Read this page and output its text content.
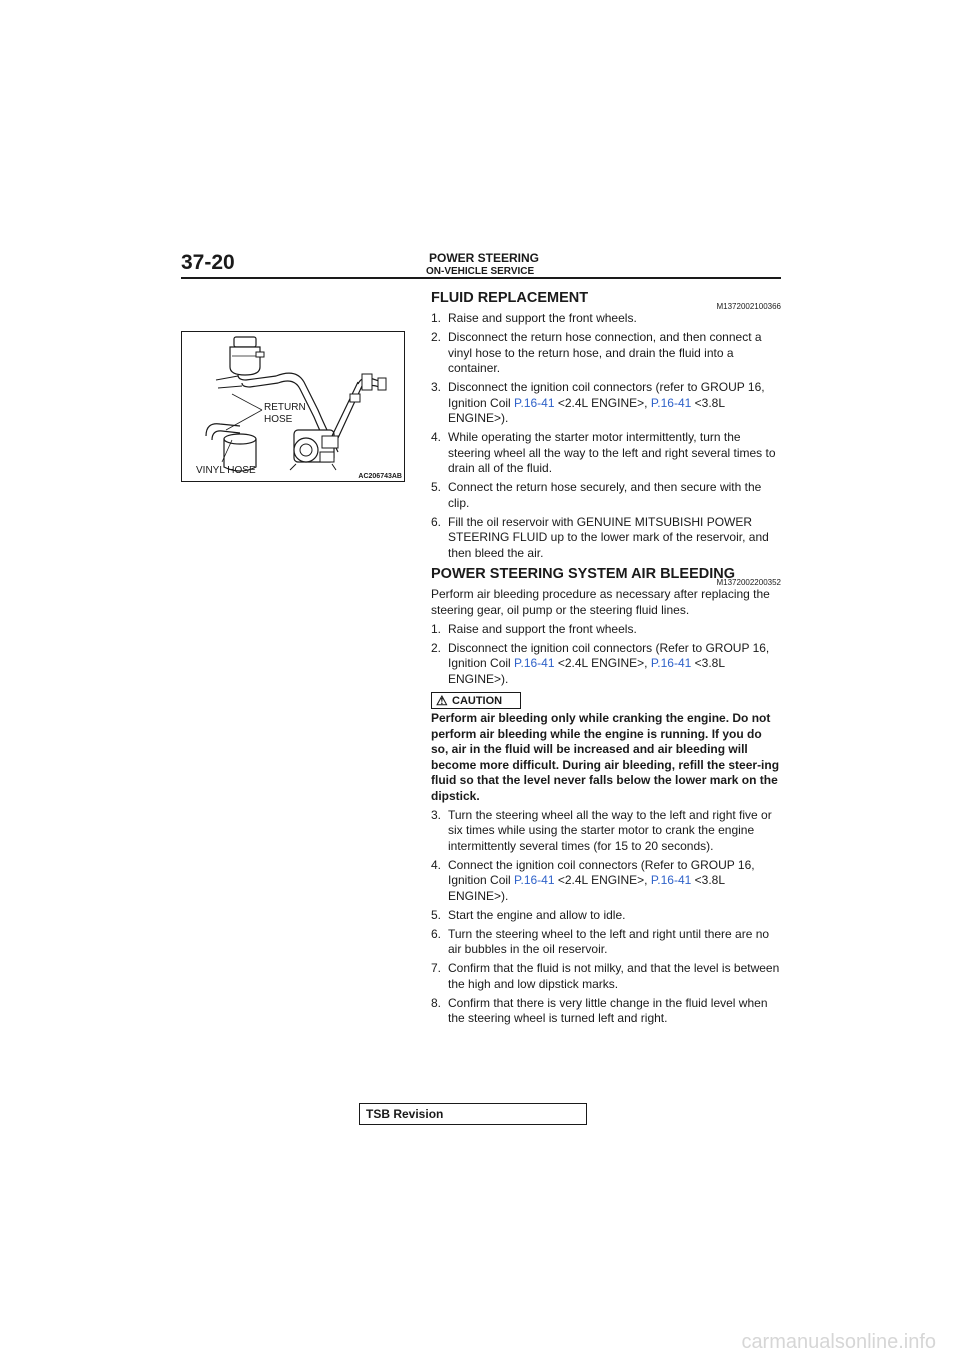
37-20	POWER STEERING
ON-VEHICLE SERVICE
RETURN
HOSE
VINYL HOSE
AC206743AB
FLUID REPLACEMENT
M1372002100366
1. Raise and support the front wheels.
2. Disconnect the return hose connection, and then connect a vinyl hose to the return hose, and drain the fluid into a container.
3. Disconnect the ignition coil connectors (refer to GROUP 16, Ignition Coil P.16-41 <2.4L ENGINE>, P.16-41 <3.8L ENGINE>).
4. While operating the starter motor intermittently, turn the steering wheel all the way to the left and right several times to drain all of the fluid.
5. Connect the return hose securely, and then secure with the clip.
6. Fill the oil reservoir with GENUINE MITSUBISHI POWER STEERING FLUID up to the lower mark of the reservoir, and then bleed the air.
POWER STEERING SYSTEM AIR BLEEDING
M1372002200352

Perform air bleeding procedure as necessary after replacing the steering gear, oil pump or the steering fluid lines.

1. Raise and support the front wheels.
2. Disconnect the ignition coil connectors (Refer to GROUP 16, Ignition Coil P.16-41 <2.4L ENGINE>, P.16-41 <3.8L ENGINE>).
⚠ CAUTION
Perform air bleeding only while cranking the engine. Do not perform air bleeding while the engine is running. If you do so, air in the fluid will be increased and air bleeding will become more difficult. During air bleeding, refill the steer-ing fluid so that the level never falls below the lower mark on the dipstick.
3. Turn the steering wheel all the way to the left and right five or six times while using the starter motor to crank the engine intermittently several times (for 15 to 20 seconds).
4. Connect the ignition coil connectors (Refer to GROUP 16, Ignition Coil P.16-41 <2.4L ENGINE>, P.16-41 <3.8L ENGINE>).
5. Start the engine and allow to idle.
6. Turn the steering wheel to the left and right until there are no air bubbles in the oil reservoir.
7. Confirm that the fluid is not milky, and that the level is between the high and low dipstick marks.
8. Confirm that there is very little change in the fluid level when the steering wheel is turned left and right.
TSB Revision
carmanualsonline.info
